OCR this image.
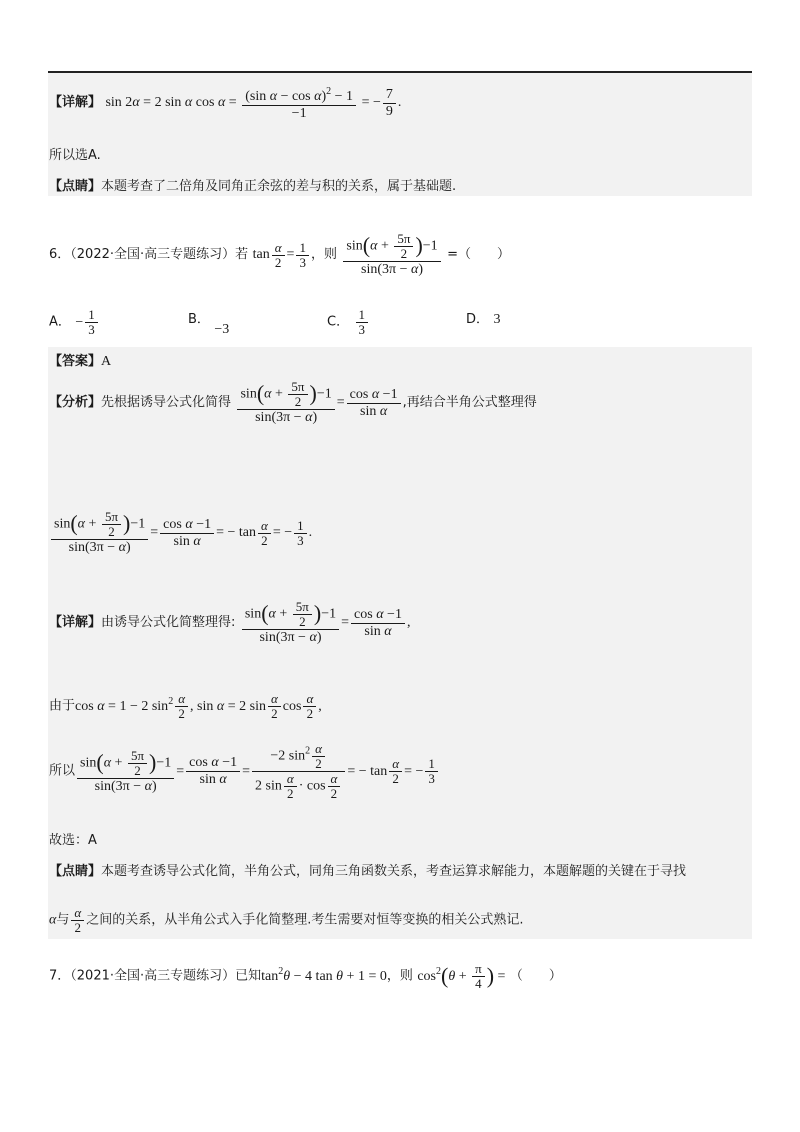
【详解】 sin 2α = 2 sin α $\cos \alpha = \frac{(\sin \alpha - \cos \alpha)^2 - 1}{-1}$ = − $\frac{7}{9}$ .
所以选A.
【点睛】本题考查了二倍角及同角正余弦的差与积的关系，属于基础题.
6．（2022·全国·高三专题练习）若 $\tan \frac{\alpha}{2} = \frac{1}{3}$ ，则 $\frac{\sin(\alpha + \frac{5\pi}{2} )-1}{\sin(3\pi - \alpha)}$ =（　　）
A． − $\frac{1}{3}$	B． −3	C． $\frac{1}{3}$	D． 3
【答案】A
【分析】先根据诱导公式化简得 $\frac{\sin(\alpha + \frac{5\pi}{2} )-1}{\sin(3\pi - \alpha)} = \frac{\text{cos α −1}}{\text{sin α}}$ ,再结合半角公式整理得
$\frac{\sin(\alpha + \frac{5\pi}{2} )-1}{\sin(3\pi - \alpha)} = \frac{\text{cos α −1}}{\text{sin α}}$ = − $\tan \frac{\alpha}{2}$ = − $\frac{1}{3}$ .
【详解】由诱导公式化简整理得: $\frac{\sin(\alpha + \frac{5\pi}{2} )-1}{\sin(3\pi - \alpha)} = \frac{\text{cos α −1}}{\text{sin α}}$ ,
由于cos α = 1 − 2 $\sin^2 \frac{\alpha}{2}$ , sin α = 2 $\sin \frac{\alpha}{2}$ $\cos \frac{\alpha}{2}$ ,
所以 $\frac{\sin(\alpha + \frac{5\pi}{2} )-1}{\sin(3\pi - \alpha)} = \frac{\text{cos α −1}}{\text{sin α}} = \frac{-2 \sin^2 \frac{\alpha}{2}}{2 \sin \frac{\alpha}{2} \cdot \cos \frac{\alpha}{2}}$ = − $\tan \frac{\alpha}{2}$ = − $\frac{1}{3}$
故选：A
【点睛】本题考查诱导公式化简，半角公式，同角三角函数关系，考查运算求解能力，本题解题的关键在于寻找
α与 $\frac{\alpha}{2}$ 之间的关系，从半角公式入手化简整理.考生需要对恒等变换的相关公式熟记.
7．（2021·全国·高三专题练习）已知$\tan^2\theta - 4$ tan θ + 1 = 0，则 $\cos^2(\theta + \frac{\pi}{4}$ ) = （　　）
